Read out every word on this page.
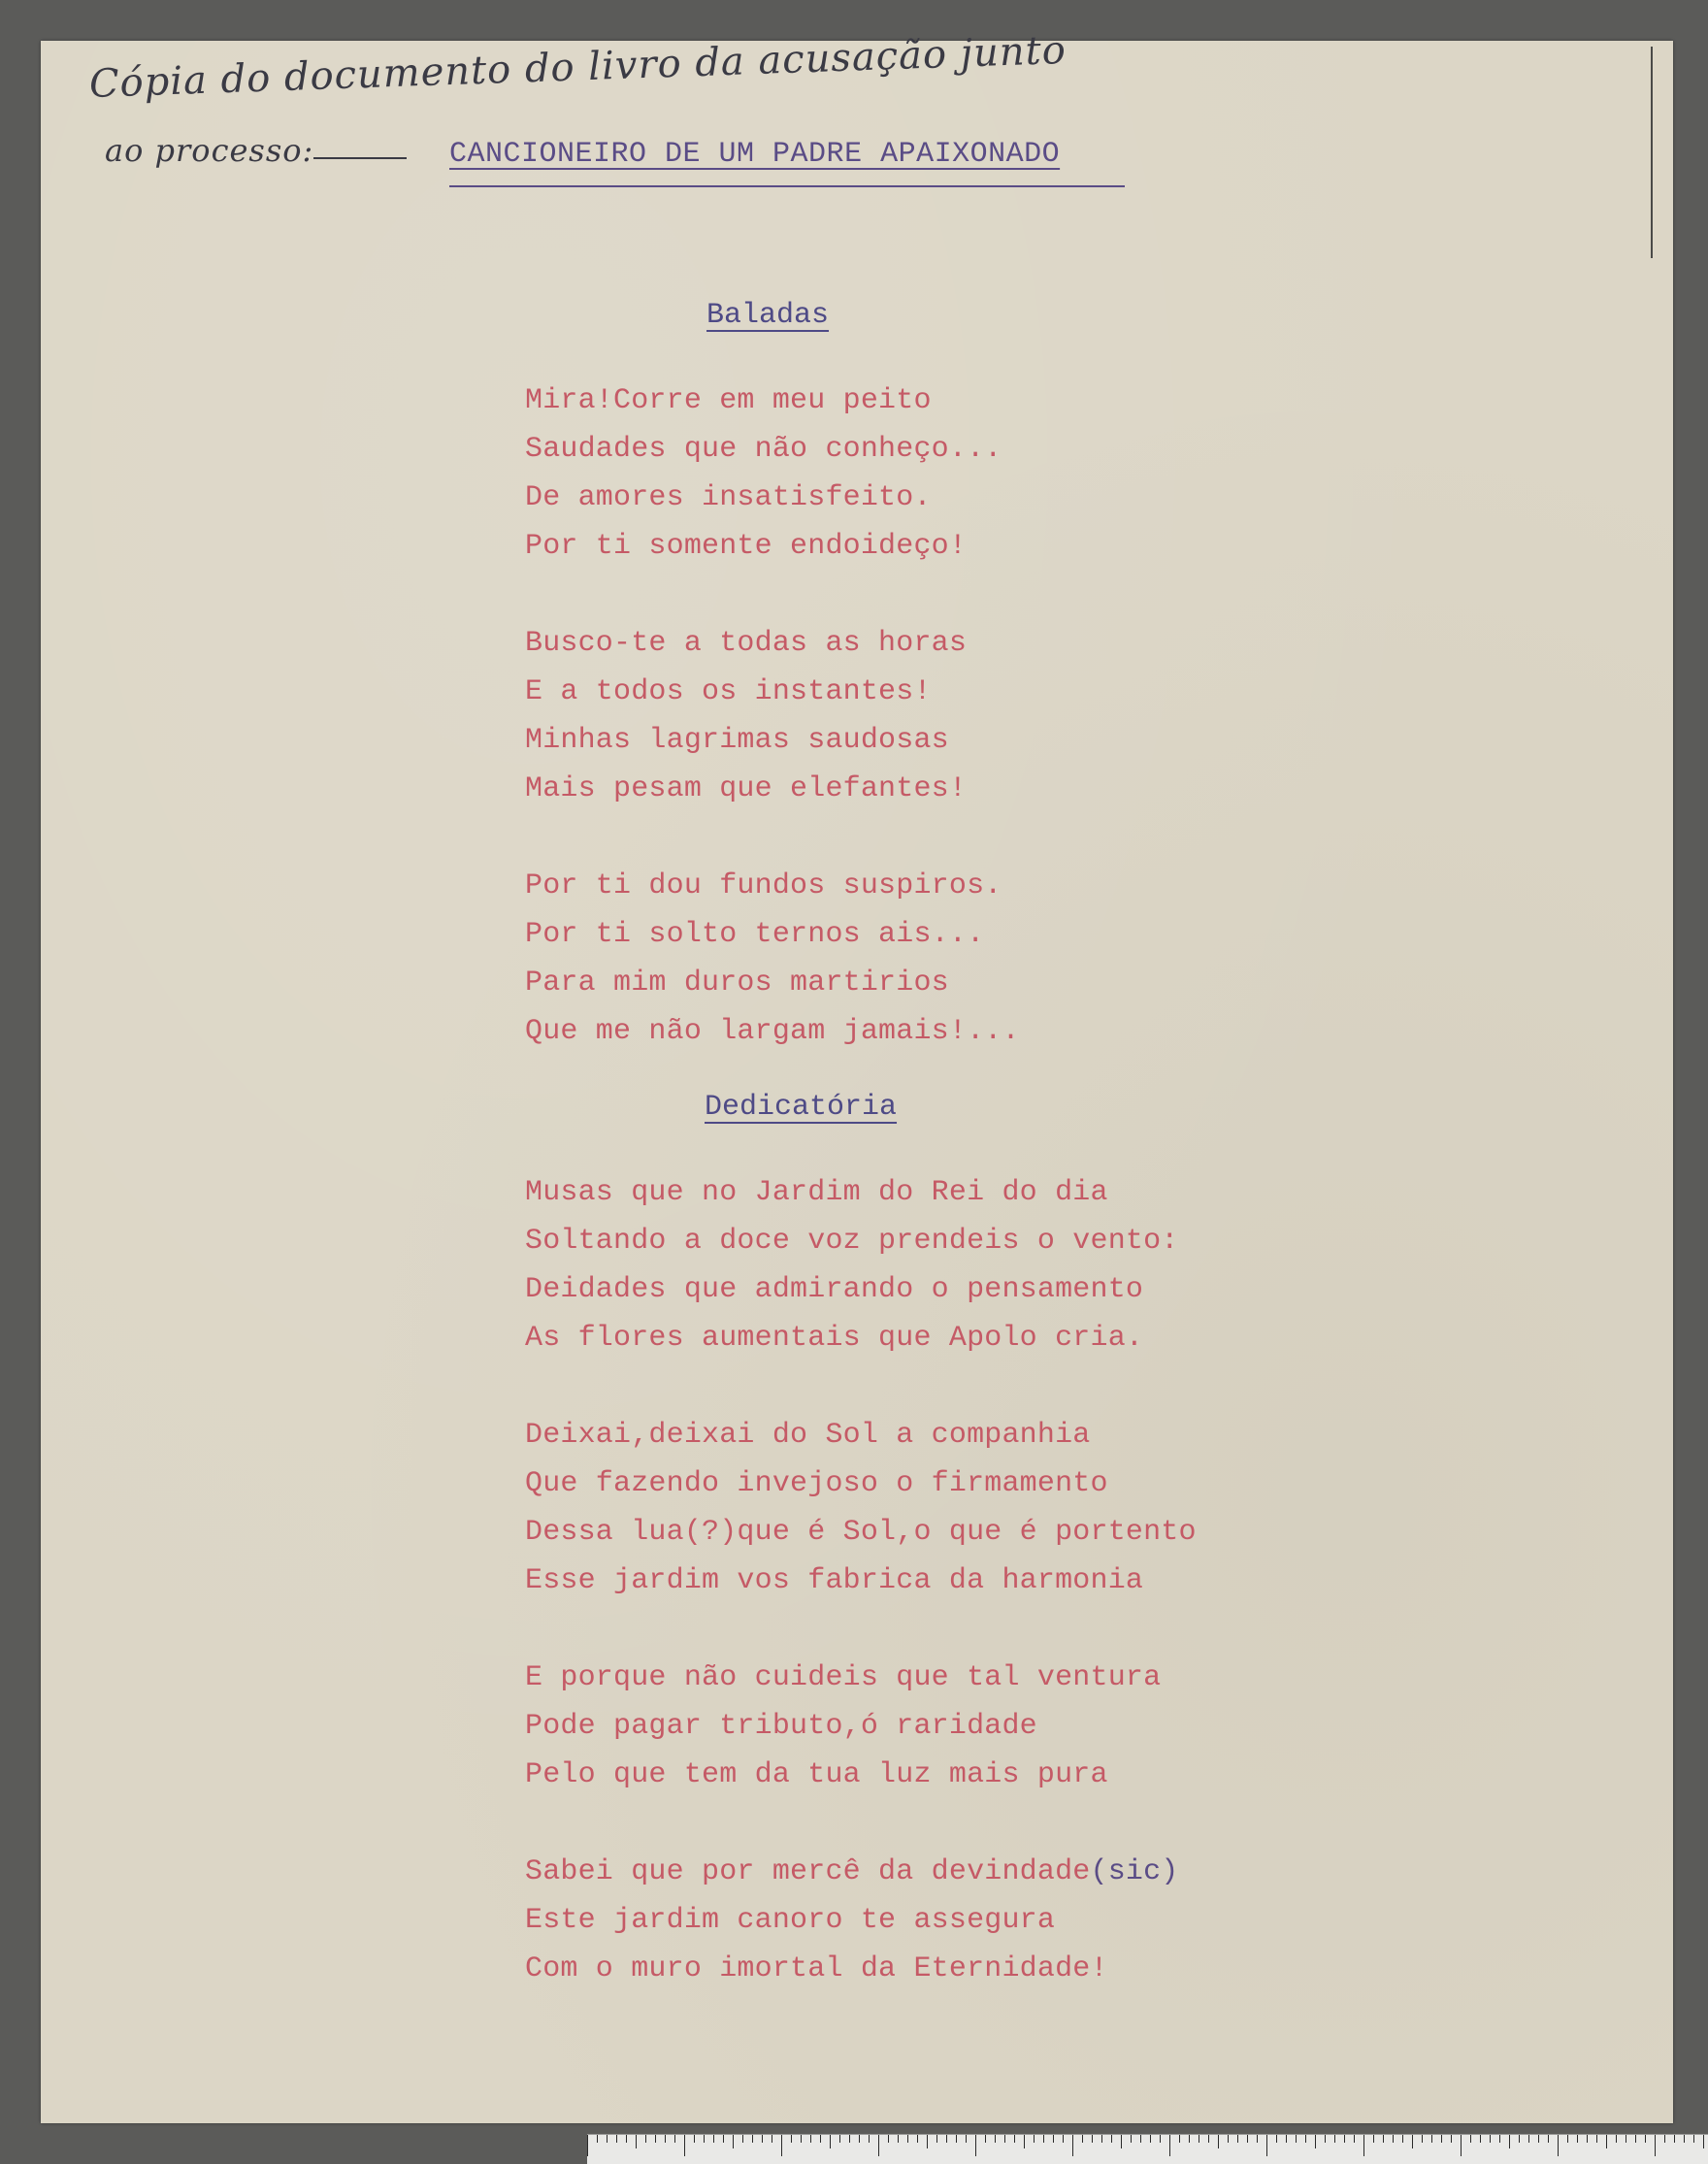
Cópia do documento do livro da acusação junto
ao processo:	CANCIONEIRO DE UM PADRE APAIXONADO
Baladas
Mira!Corre em meu peito
Saudades que não conheço...
De amores insatisfeito.
Por ti somente endoideço!
Busco-te a todas as horas
E a todos os instantes!
Minhas lagrimas saudosas
Mais pesam que elefantes!
Por ti dou fundos suspiros.
Por ti solto ternos ais...
Para mim duros martirios
Que me não largam jamais!...
Dedicatória
Musas que no Jardim do Rei do dia
Soltando a doce voz prendeis o vento:
Deidades que admirando o pensamento
As flores aumentais que Apolo cria.
Deixai,deixai do Sol a companhia
Que fazendo invejoso o firmamento
Dessa lua(?)que é Sol,o que é portento
Esse jardim vos fabrica da harmonia
E porque não cuideis que tal ventura
Pode pagar tributo,ó raridade
Pelo que tem da tua luz mais pura
Sabei que por mercê da devindade(sic)
Este jardim canoro te assegura
Com o muro imortal da Eternidade!
